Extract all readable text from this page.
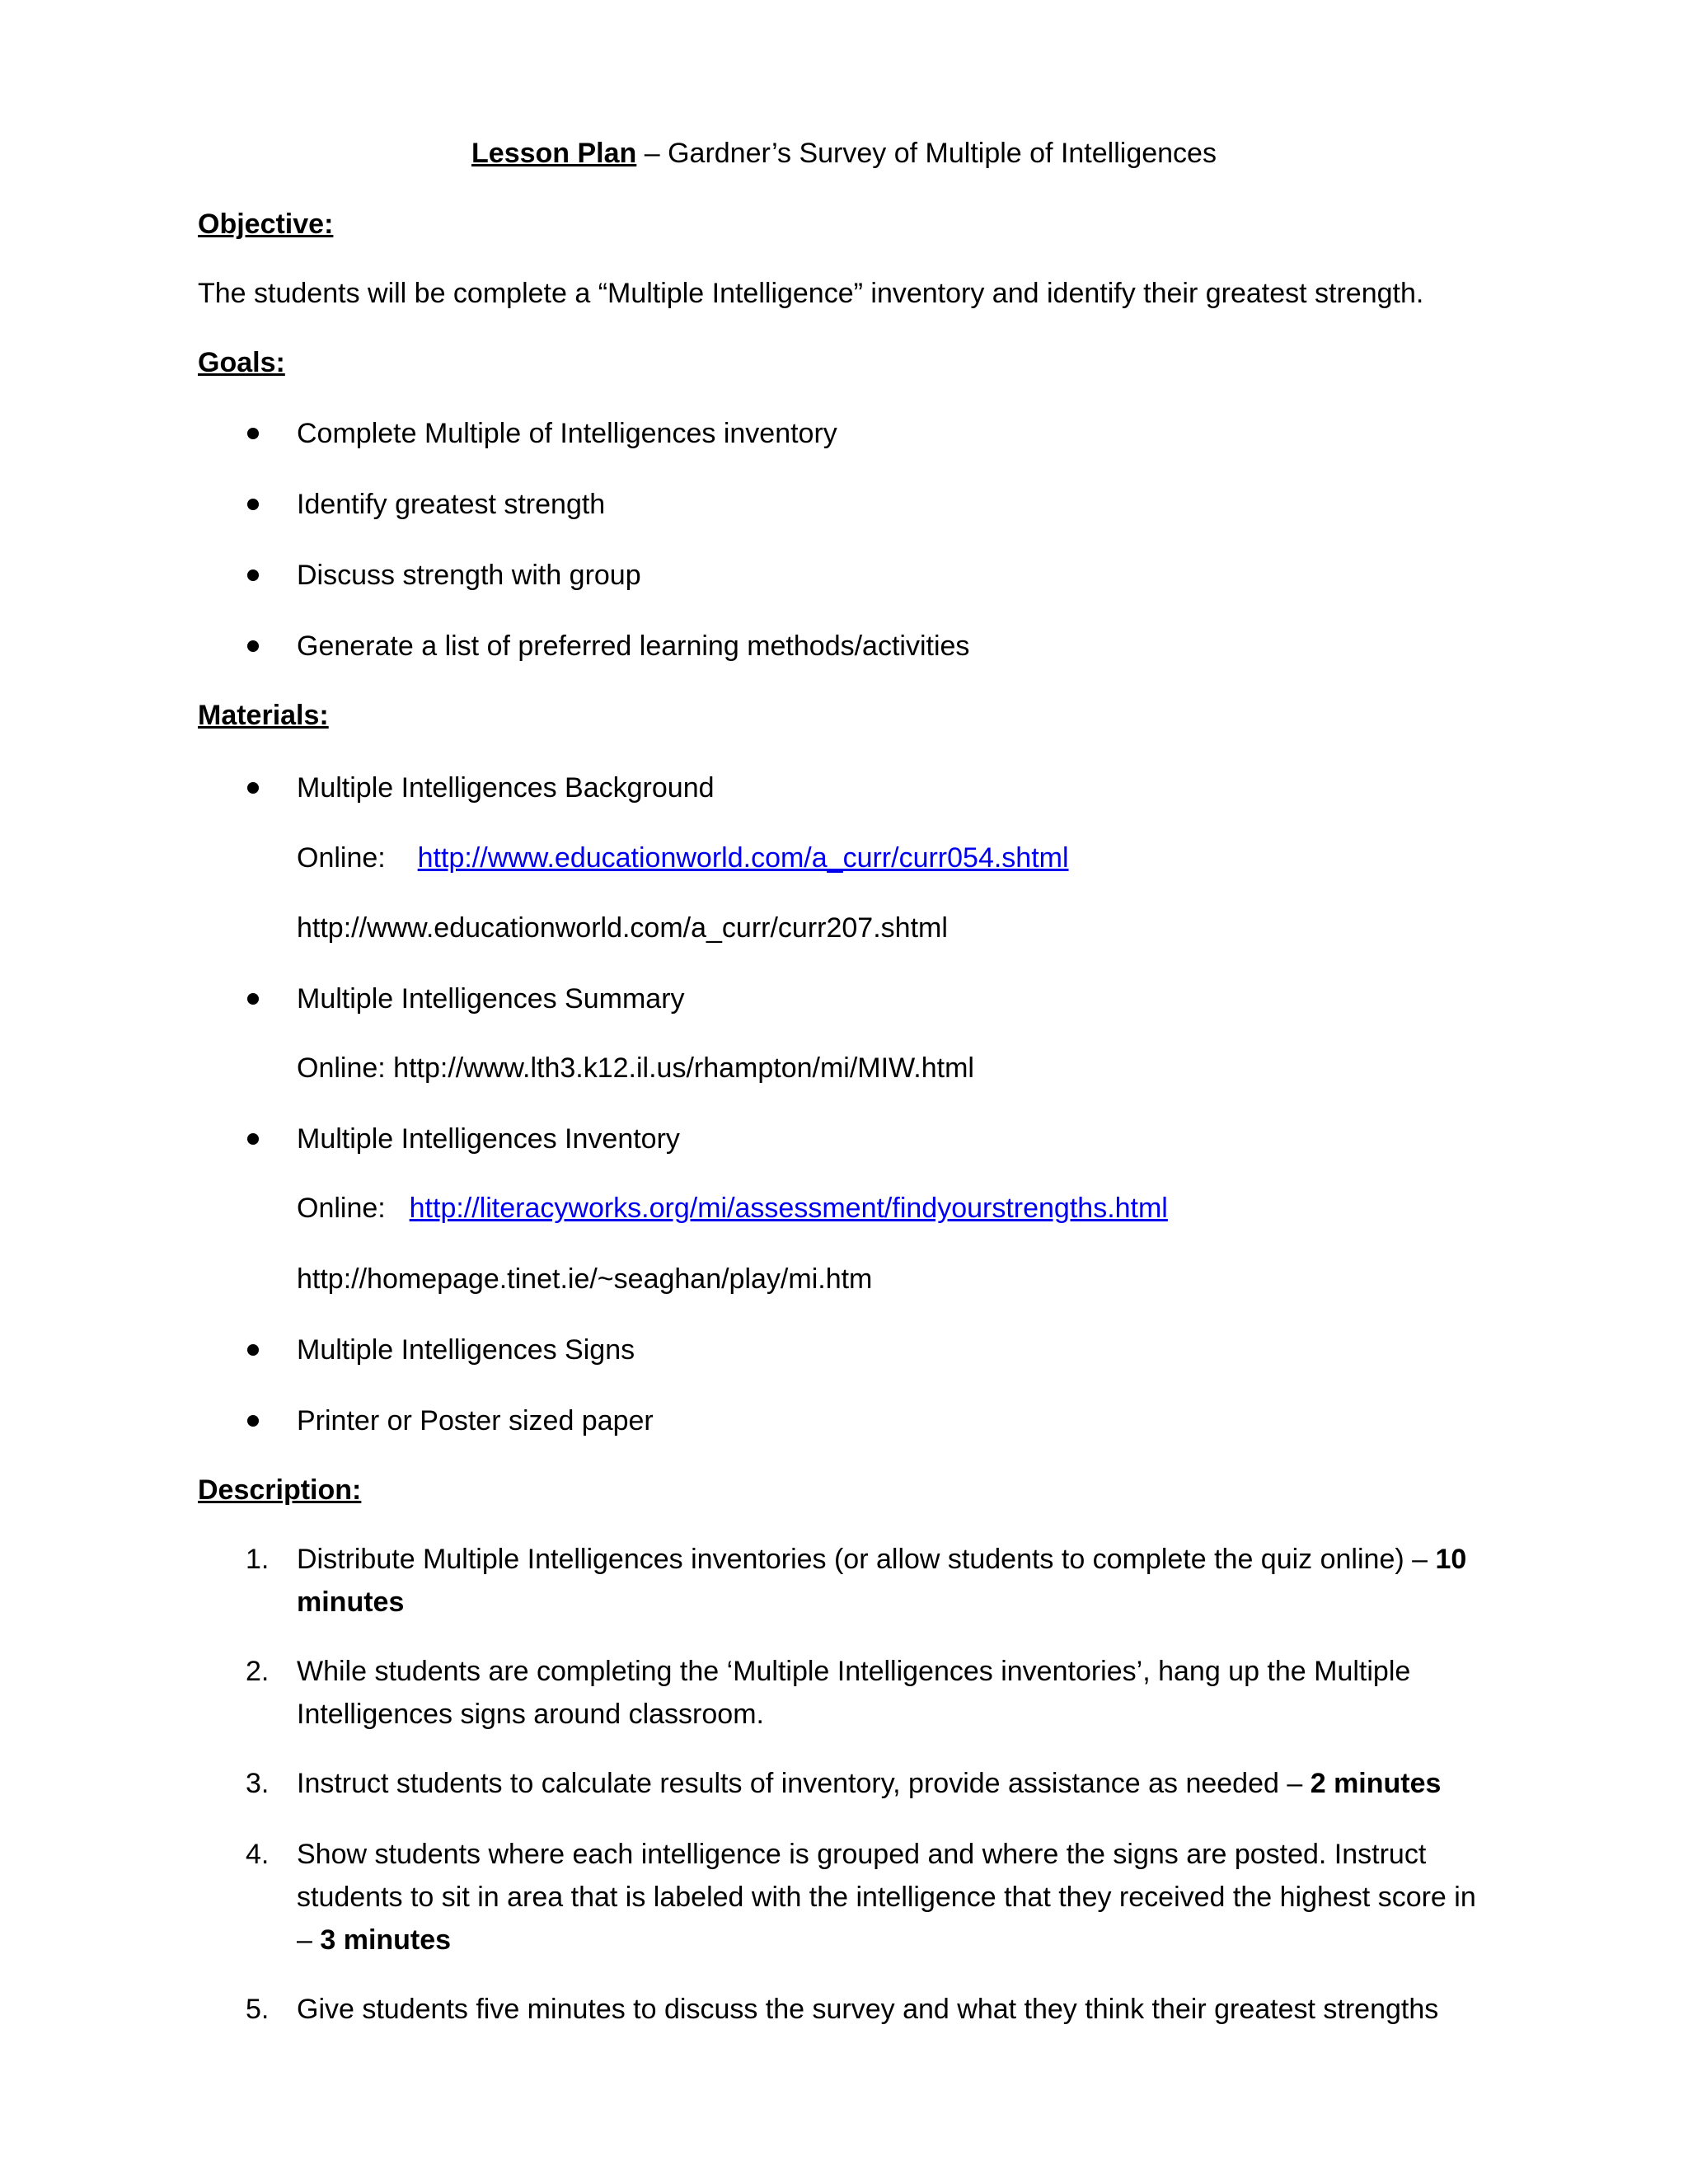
Lesson Plan – Gardner’s Survey of Multiple of Intelligences
Objective:
The students will be complete a “Multiple Intelligence” inventory and identify their greatest strength.
Goals:
Complete Multiple of Intelligences inventory
Identify greatest strength
Discuss strength with group
Generate a list of preferred learning methods/activities
Materials:
Multiple Intelligences Background
Online: http://www.educationworld.com/a_curr/curr054.shtml
http://www.educationworld.com/a_curr/curr207.shtml
Multiple Intelligences Summary
Online: http://www.lth3.k12.il.us/rhampton/mi/MIW.html
Multiple Intelligences Inventory
Online: http://literacyworks.org/mi/assessment/findyourstrengths.html
http://homepage.tinet.ie/~seaghan/play/mi.htm
Multiple Intelligences Signs
Printer or Poster sized paper
Description:
1. Distribute Multiple Intelligences inventories (or allow students to complete the quiz online) – 10 minutes
2. While students are completing the ‘Multiple Intelligences inventories’, hang up the Multiple Intelligences signs around classroom.
3. Instruct students to calculate results of inventory, provide assistance as needed – 2 minutes
4. Show students where each intelligence is grouped and where the signs are posted. Instruct students to sit in area that is labeled with the intelligence that they received the highest score in – 3 minutes
5. Give students five minutes to discuss the survey and what they think their greatest strengths
